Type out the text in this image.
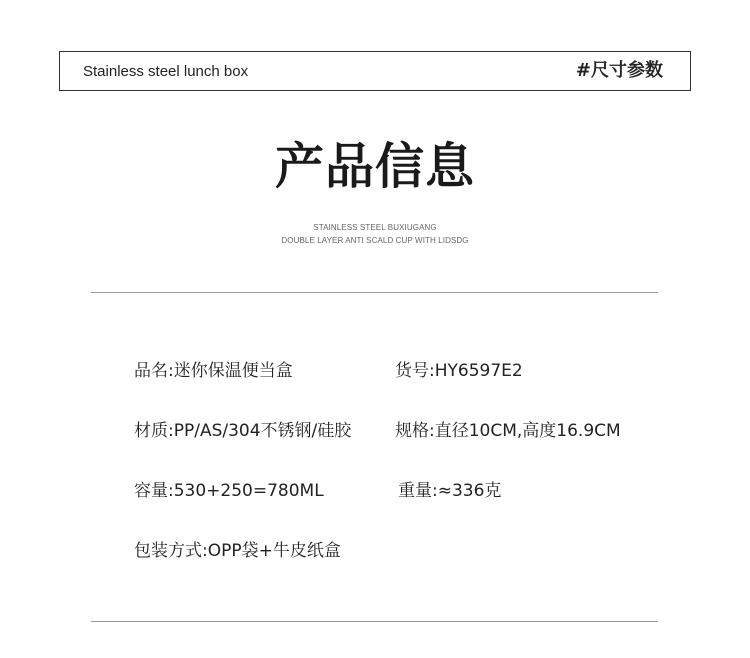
Stainless steel lunch box	#尺寸参数
产品信息
STAINLESS STEEL BUXIUGANG
DOUBLE LAYER ANTI SCALD CUP WITH LIDSDG
品名:迷你保温便当盒	货号:HY6597E2
材质:PP/AS/304不锈钢/硅胶	规格:直径10CM,高度16.9CM
容量:530+250=780ML	重量:≈336克
包装方式:OPP袋+牛皮纸盒
